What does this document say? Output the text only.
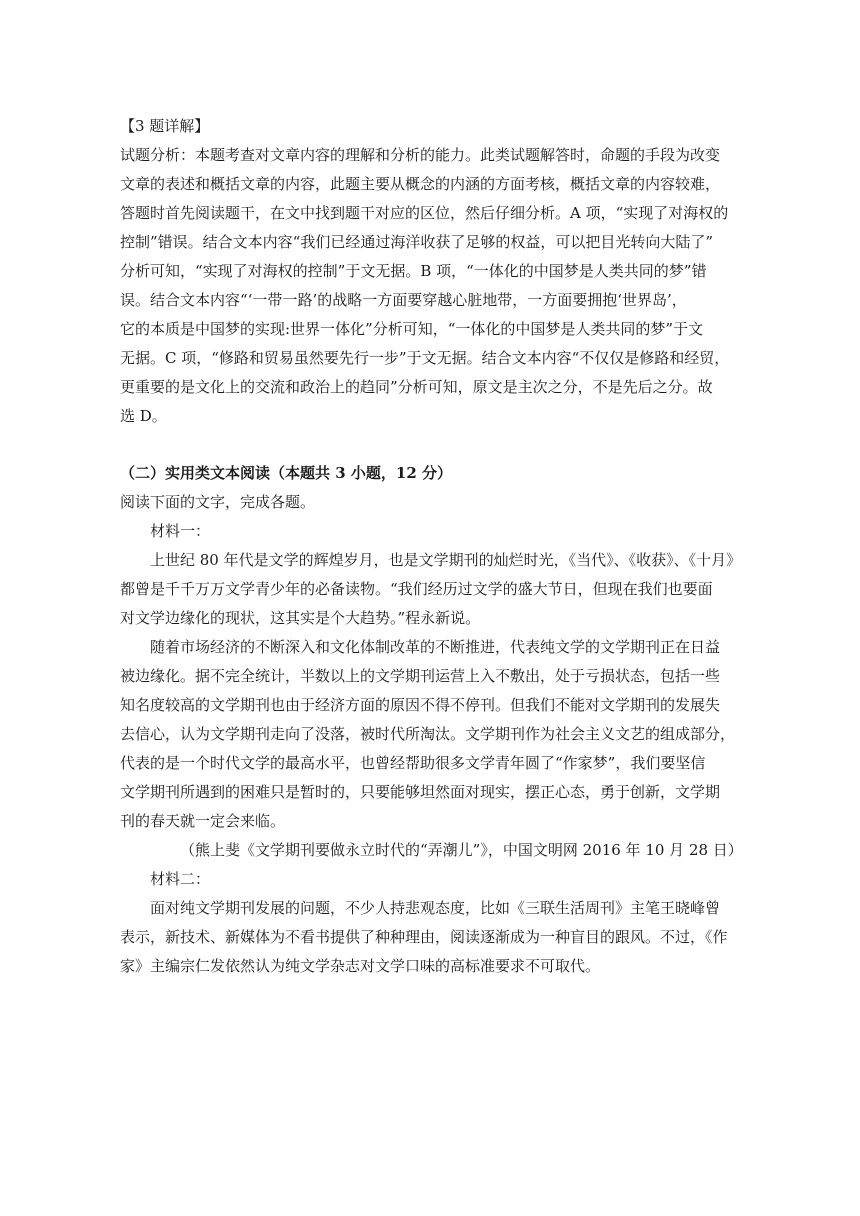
【3 题详解】

试题分析：本题考查对文章内容的理解和分析的能力。此类试题解答时，命题的手段为改变

文章的表述和概括文章的内容，此题主要从概念的内涵的方面考核，概括文章的内容较难，

答题时首先阅读题干，在文中找到题干对应的区位，然后仔细分析。A 项，“实现了对海权的

控制”错误。结合文本内容“我们已经通过海洋收获了足够的权益，可以把目光转向大陆了”

分析可知，“实现了对海权的控制”于文无据。B 项，“一体化的中国梦是人类共同的梦”错

误。结合文本内容“‘一带一路’的战略一方面要穿越心脏地带，一方面要拥抱‘世界岛’，

它的本质是中国梦的实现:世界一体化”分析可知，“一体化的中国梦是人类共同的梦”于文

无据。C 项，“修路和贸易虽然要先行一步”于文无据。结合文本内容“不仅仅是修路和经贸，

更重要的是文化上的交流和政治上的趋同”分析可知，原文是主次之分，不是先后之分。故

选 D。

（二）实用类文本阅读（本题共 3 小题，12 分）

阅读下面的文字，完成各题。

材料一：

上世纪 80 年代是文学的辉煌岁月，也是文学期刊的灿烂时光，《当代》、《收获》、《十月》

都曾是千千万万文学青少年的必备读物。“我们经历过文学的盛大节日，但现在我们也要面

对文学边缘化的现状，这其实是个大趋势。”程永新说。

随着市场经济的不断深入和文化体制改革的不断推进，代表纯文学的文学期刊正在日益

被边缘化。据不完全统计，半数以上的文学期刊运营上入不敷出，处于亏损状态，包括一些

知名度较高的文学期刊也由于经济方面的原因不得不停刊。但我们不能对文学期刊的发展失

去信心，认为文学期刊走向了没落，被时代所淘汰。文学期刊作为社会主义文艺的组成部分，

代表的是一个时代文学的最高水平，也曾经帮助很多文学青年圆了“作家梦”，我们要坚信

文学期刊所遇到的困难只是暂时的，只要能够坦然面对现实，摆正心态，勇于创新，文学期

刊的春天就一定会来临。

（熊上斐《文学期刊要做永立时代的“弄潮儿”》，中国文明网 2016 年 10 月 28 日）

材料二：

面对纯文学期刊发展的问题，不少人持悲观态度，比如《三联生活周刊》主笔王晓峰曾

表示，新技术、新媒体为不看书提供了种种理由，阅读逐渐成为一种盲目的跟风。不过，《作

家》主编宗仁发依然认为纯文学杂志对文学口味的高标准要求不可取代。
